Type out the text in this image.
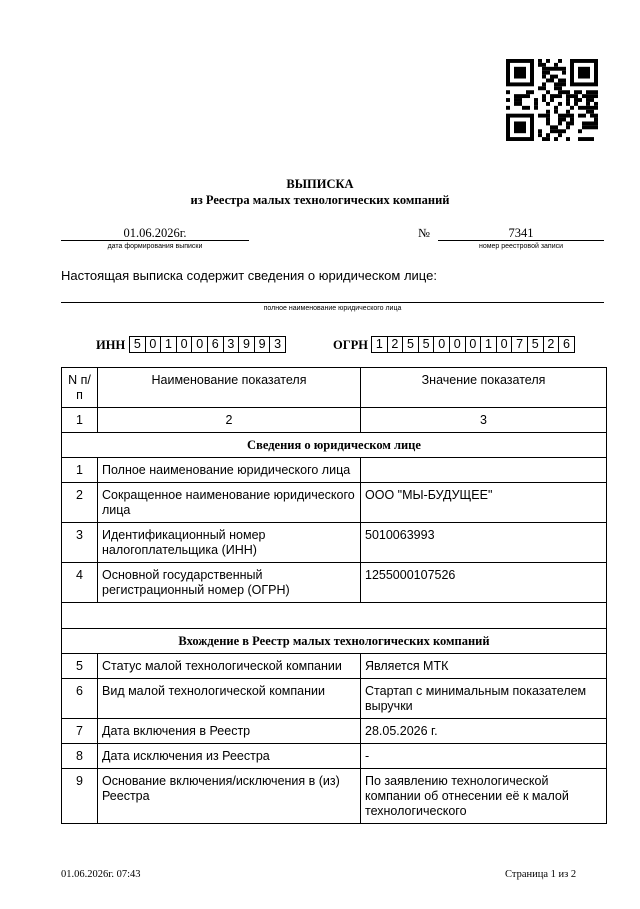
ВЫПИСКА
из Реестра малых технологических компаний
01.06.2026г.
дата формирования выписки
№	7341
номер реестровой записи
Настоящая выписка содержит сведения о юридическом лице:
полное наименование юридического лица
ИНН 5 0 1 0 0 6 3 9 9 3	ОГРН 1 2 5 5 0 0 0 1 0 7 5 2 6
N п/п	Наименование показателя	Значение показателя
1	2	3
Сведения о юридическом лице		
1	Полное наименование юридического лица	
2	Сокращенное наименование юридического лица	ООО "МЫ-БУДУЩЕЕ"
3	Идентификационный номер налогоплательщика (ИНН)	5010063993
4	Основной государственный регистрационный номер (ОГРН)	1255000107526

Вхождение в Реестр малых технологических компаний		
5	Статус малой технологической компании	Является МТК
6	Вид малой технологической компании	Стартап с минимальным показателем выручки
7	Дата включения в Реестр	28.05.2026 г.
8	Дата исключения из Реестра	-
9	Основание включения/исключения в (из) Реестра	По заявлению технологической компании об отнесении её к малой технологического
01.06.2026г. 07:43	Страница 1 из 2
